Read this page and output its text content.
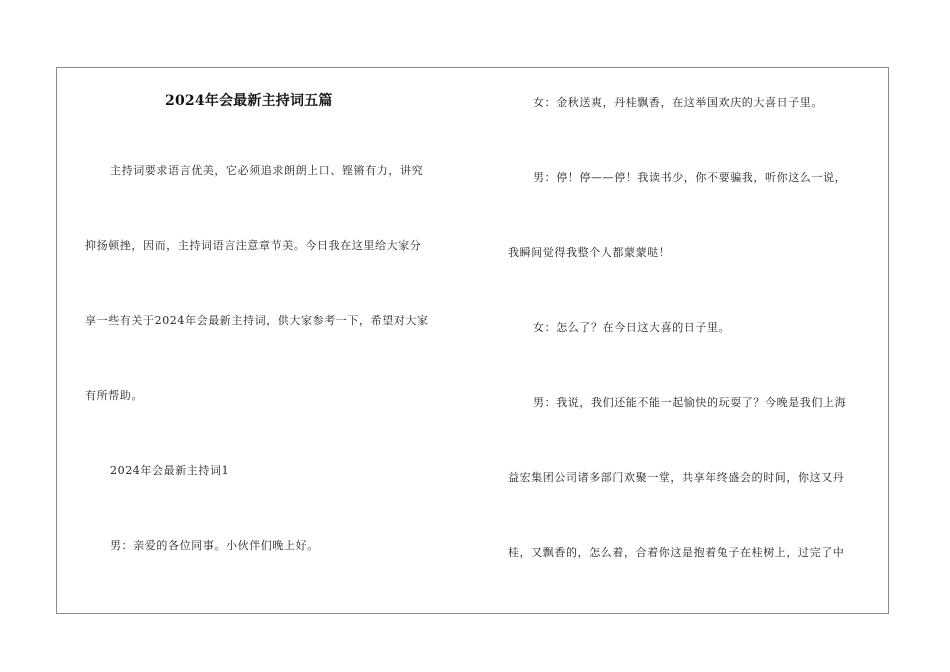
2024年会最新主持词五篇
主持词要求语言优美，它必须追求朗朗上口、铿锵有力，讲究
抑扬顿挫，因而，主持词语言注意章节美。今日我在这里给大家分
享一些有关于2024年会最新主持词，供大家参考一下，希望对大家
有所帮助。
2024年会最新主持词1
男：亲爱的各位同事。小伙伴们晚上好。
女：金秋送爽，丹桂飘香，在这举国欢庆的大喜日子里。
男：停！停——停！我读书少，你不要骗我，听你这么一说，
我瞬间觉得我整个人都蒙蒙哒！
女：怎么了？在今日这大喜的日子里。
男：我说，我们还能不能一起愉快的玩耍了？今晚是我们上海
益宏集团公司诸多部门欢聚一堂，共享年终盛会的时间，你这又丹
桂，又飘香的，怎么着，合着你这是抱着兔子在桂树上，过完了中
